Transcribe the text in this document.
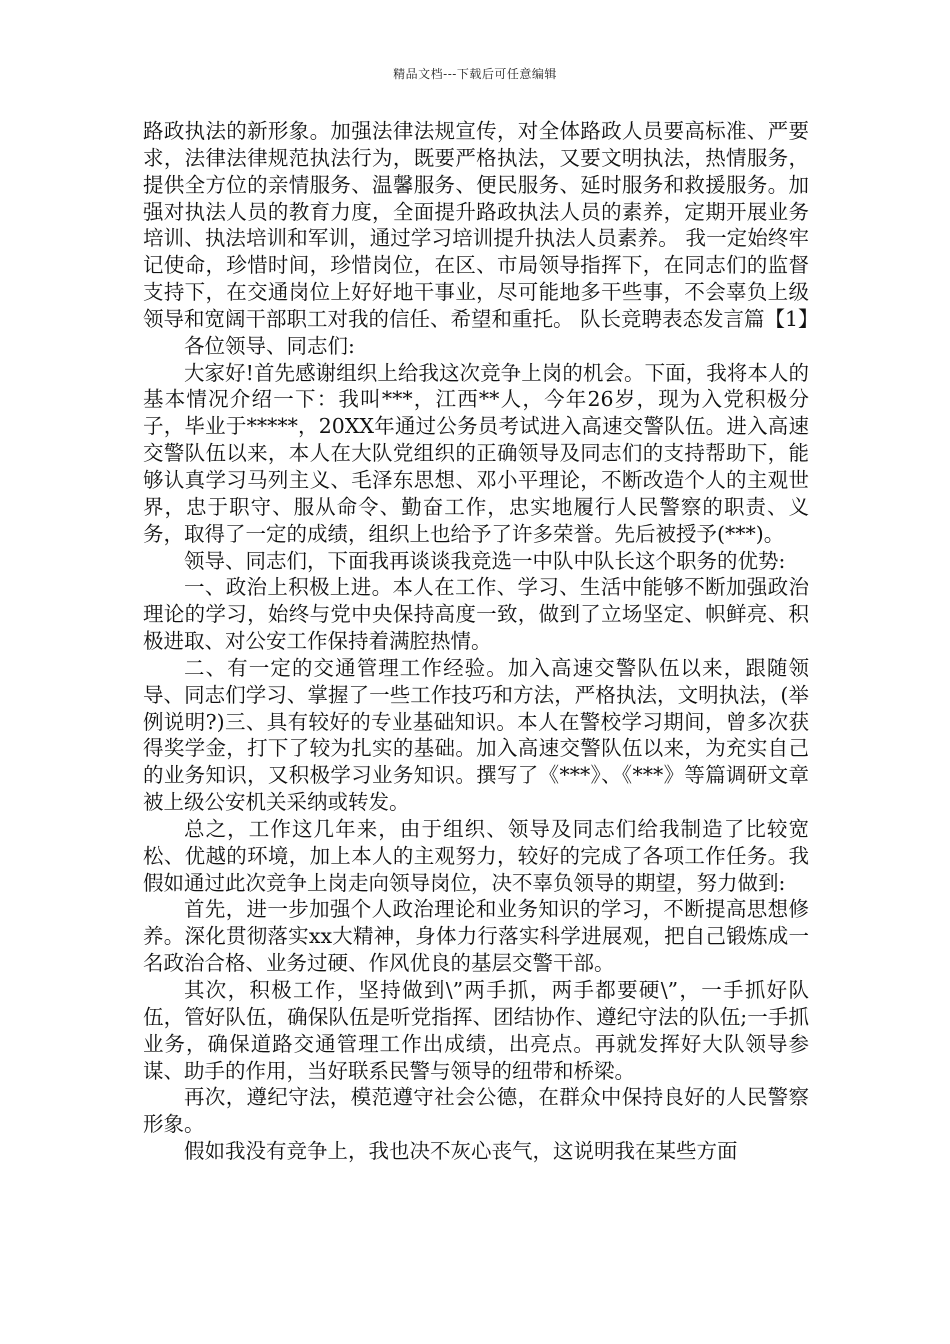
精品文档---下载后可任意编辑

路政执法的新形象。加强法律法规宣传，对全体路政人员要高标准、严要求，法律法律规范执法行为，既要严格执法，又要文明执法，热情服务，提供全方位的亲情服务、温馨服务、便民服务、延时服务和救援服务。加强对执法人员的教育力度，全面提升路政执法人员的素养，定期开展业务培训、执法培训和军训，通过学习培训提升执法人员素养。 我一定始终牢记使命，珍惜时间，珍惜岗位，在区、市局领导指挥下，在同志们的监督支持下，在交通岗位上好好地干事业，尽可能地多干些事，不会辜负上级领导和宽阔干部职工对我的信任、希望和重托。 队长竞聘表态发言篇【1】

各位领导、同志们:

大家好!首先感谢组织上给我这次竞争上岗的机会。下面，我将本人的基本情况介绍一下：我叫***，江西**人，今年26岁，现为入党积极分子，毕业于*****，20XX年通过公务员考试进入高速交警队伍。进入高速交警队伍以来，本人在大队党组织的正确领导及同志们的支持帮助下，能够认真学习马列主义、毛泽东思想、邓小平理论，不断改造个人的主观世界，忠于职守、服从命令、勤奋工作，忠实地履行人民警察的职责、义务，取得了一定的成绩，组织上也给予了许多荣誉。先后被授予(***)。

领导、同志们，下面我再谈谈我竞选一中队中队长这个职务的优势:

一、政治上积极上进。本人在工作、学习、生活中能够不断加强政治理论的学习，始终与党中央保持高度一致，做到了立场坚定、帜鲜亮、积极进取、对公安工作保持着满腔热情。

二、有一定的交通管理工作经验。加入高速交警队伍以来，跟随领导、同志们学习、掌握了一些工作技巧和方法，严格执法，文明执法，(举例说明?)三、具有较好的专业基础知识。本人在警校学习期间，曾多次获得奖学金，打下了较为扎实的基础。加入高速交警队伍以来，为充实自己的业务知识，又积极学习业务知识。撰写了《***》、《***》等篇调研文章被上级公安机关采纳或转发。

总之，工作这几年来，由于组织、领导及同志们给我制造了比较宽松、优越的环境，加上本人的主观努力，较好的完成了各项工作任务。我假如通过此次竞争上岗走向领导岗位，决不辜负领导的期望，努力做到:

首先，进一步加强个人政治理论和业务知识的学习，不断提高思想修养。深化贯彻落实xx大精神，身体力行落实科学进展观，把自己锻炼成一名政治合格、业务过硬、作风优良的基层交警干部。

其次，积极工作，坚持做到\”两手抓，两手都要硬\”，一手抓好队伍，管好队伍，确保队伍是听党指挥、团结协作、遵纪守法的队伍;一手抓业务，确保道路交通管理工作出成绩，出亮点。再就发挥好大队领导参谋、助手的作用，当好联系民警与领导的纽带和桥梁。

再次，遵纪守法，模范遵守社会公德，在群众中保持良好的人民警察形象。

假如我没有竞争上，我也决不灰心丧气，这说明我在某些方面
